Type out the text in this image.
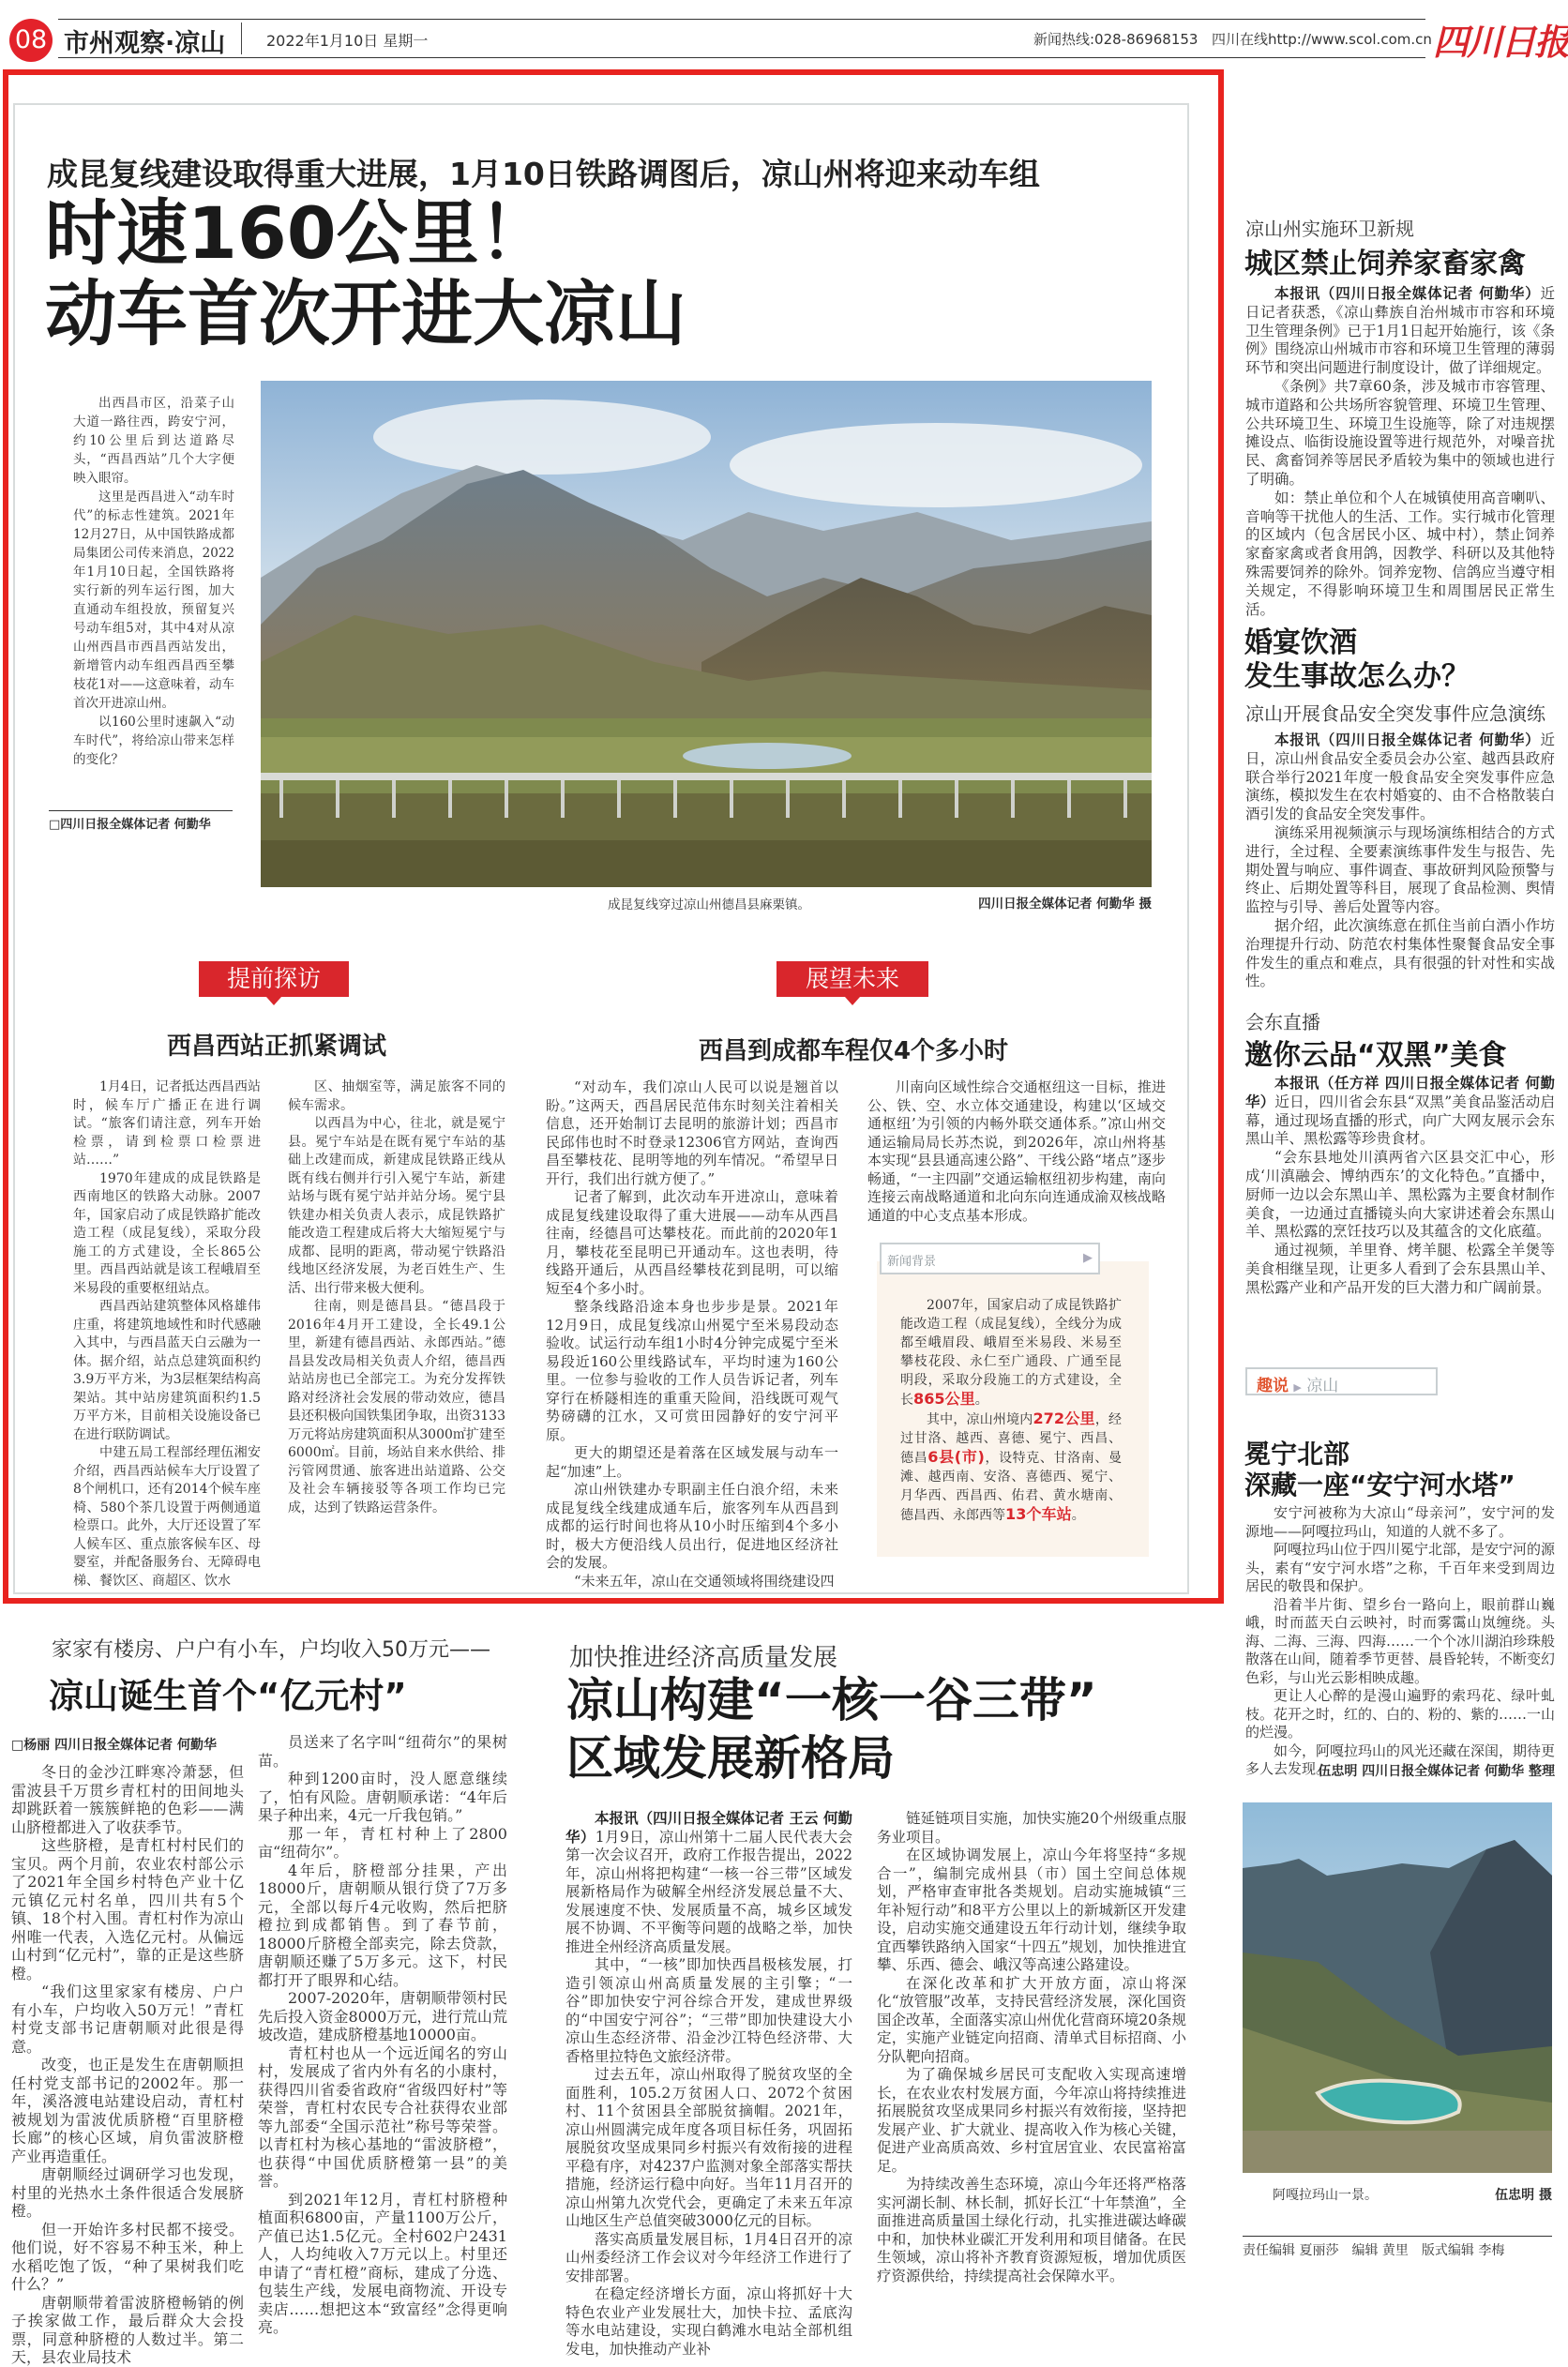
08 市州观察·凉山	2022年1月10日 星期一	新闻热线:028-86968153 四川在线http://www.scol.com.cn 四川日报
成昆复线建设取得重大进展，1月10日铁路调图后，凉山州将迎来动车组
时速160公里！
动车首次开进大凉山

出西昌市区，沿菜子山大道一路往西，跨安宁河，约10公里后到达道路尽头，“西昌西站”几个大字便映入眼帘。

这里是西昌进入“动车时代”的标志性建筑。2021年12月27日，从中国铁路成都局集团公司传来消息，2022年1月10日起，全国铁路将实行新的列车运行图，加大直通动车组投放，预留复兴号动车组5对，其中4对从凉山州西昌市西昌西站发出，新增管内动车组西昌西至攀枝花1对——这意味着，动车首次开进凉山州。

以160公里时速飙入“动车时代”，将给凉山带来怎样的变化？

□四川日报全媒体记者 何勤华
成昆复线穿过凉山州德昌县麻栗镇。	四川日报全媒体记者 何勤华 摄
提前探访
西昌西站正抓紧调试

1月4日，记者抵达西昌西站时，候车厅广播正在进行调试。“旅客们请注意，列车开始检票，请到检票口检票进站……”

1970年建成的成昆铁路是西南地区的铁路大动脉。2007年，国家启动了成昆铁路扩能改造工程（成昆复线），采取分段施工的方式建设，全长865公里。西昌西站就是该工程峨眉至米易段的重要枢纽站点。

西昌西站建筑整体风格雄伟庄重，将建筑地域性和时代感融入其中，与西昌蓝天白云融为一体。据介绍，站点总建筑面积约3.9万平方米，为3层框架结构高架站。其中站房建筑面积约1.5万平方米，目前相关设施设备已在进行联防调试。

中建五局工程部经理伍湘安介绍，西昌西站候车大厅设置了8个闸机口，还有2014个候车座椅、580个茶几设置于两侧通道检票口。此外，大厅还设置了军人候车区、重点旅客候车区、母婴室，并配备服务台、无障碍电梯、餐饮区、商超区、饮水

区、抽烟室等，满足旅客不同的候车需求。

以西昌为中心，往北，就是冕宁县。冕宁车站是在既有冕宁车站的基础上改建而成，新建成昆铁路正线从既有线右侧并行引入冕宁车站，新建站场与既有冕宁站并站分场。冕宁县铁建办相关负责人表示，成昆铁路扩能改造工程建成后将大大缩短冕宁与成都、昆明的距离，带动冕宁铁路沿线地区经济发展，为老百姓生产、生活、出行带来极大便利。

往南，则是德昌县。“德昌段于2016年4月开工建设，全长49.1公里，新建有德昌西站、永郎西站。”德昌县发改局相关负责人介绍，德昌西站站房也已全部完工。为充分发挥铁路对经济社会发展的带动效应，德昌县还积极向国铁集团争取，出资3133万元将站房建筑面积从3000㎡扩建至6000㎡。目前，场站自来水供给、排污管网贯通、旅客进出站道路、公交及社会车辆接驳等各项工作均已完成，达到了铁路运营条件。

展望未来
西昌到成都车程仅4个多小时

“对动车，我们凉山人民可以说是翘首以盼。”这两天，西昌居民范伟东时刻关注着相关信息，还开始制订去昆明的旅游计划；西昌市民邱伟也时不时登录12306官方网站，查询西昌至攀枝花、昆明等地的列车情况。“希望早日开行，我们出行就方便了。”

记者了解到，此次动车开进凉山，意味着成昆复线建设取得了重大进展——动车从西昌往南，经德昌可达攀枝花。而此前的2020年1月，攀枝花至昆明已开通动车。这也表明，待线路开通后，从西昌经攀枝花到昆明，可以缩短至4个多小时。

整条线路沿途本身也步步是景。2021年12月9日，成昆复线凉山州冕宁至米易段动态验收。试运行动车组1小时4分钟完成冕宁至米易段近160公里线路试车，平均时速为160公里。一位参与验收的工作人员告诉记者，列车穿行在桥隧相连的重重天险间，沿线既可观气势磅礴的江水，又可赏田园静好的安宁河平原。

更大的期望还是着落在区域发展与动车一起“加速”上。

凉山州铁建办专职副主任白浪介绍，未来成昆复线全线建成通车后，旅客列车从西昌到成都的运行时间也将从10小时压缩到4个多小时，极大方便沿线人员出行，促进地区经济社会的发展。

“未来五年，凉山在交通领域将围绕建设四

川南向区域性综合交通枢纽这一目标，推进公、铁、空、水立体交通建设，构建以‘区域交通枢纽’为引领的内畅外联交通体系。”凉山州交通运输局局长苏杰说，到2026年，凉山州将基本实现“县县通高速公路”、干线公路“堵点”逐步畅通，“一主四副”交通运输枢纽初步构建，南向连接云南战略通道和北向东向连通成渝双核战略通道的中心支点基本形成。

新闻背景	▶

2007年，国家启动了成昆铁路扩能改造工程（成昆复线），全线分为成都至峨眉段、峨眉至米易段、米易至攀枝花段、永仁至广通段、广通至昆明段，采取分段施工的方式建设，全长865公里。

其中，凉山州境内272公里，经过甘洛、越西、喜德、冕宁、西昌、德昌6县(市)，设特克、甘洛南、曼滩、越西南、安洛、喜德西、冕宁、月华西、西昌西、佑君、黄水塘南、德昌西、永郎西等13个车站。

凉山州实施环卫新规
城区禁止饲养家畜家禽

本报讯（四川日报全媒体记者 何勤华）近日记者获悉，《凉山彝族自治州城市市容和环境卫生管理条例》已于1月1日起开始施行，该《条例》围绕凉山州城市市容和环境卫生管理的薄弱环节和突出问题进行制度设计，做了详细规定。

《条例》共7章60条，涉及城市市容管理、城市道路和公共场所容貌管理、环境卫生管理、公共环境卫生、环境卫生设施等，除了对违规摆摊设点、临街设施设置等进行规范外，对噪音扰民、禽畜饲养等居民矛盾较为集中的领域也进行了明确。

如：禁止单位和个人在城镇使用高音喇叭、音响等干扰他人的生活、工作。实行城市化管理的区域内（包含居民小区、城中村），禁止饲养家畜家禽或者食用鸽，因教学、科研以及其他特殊需要饲养的除外。饲养宠物、信鸽应当遵守相关规定，不得影响环境卫生和周围居民正常生活。

婚宴饮酒
发生事故怎么办？
凉山开展食品安全突发事件应急演练

本报讯（四川日报全媒体记者 何勤华）近日，凉山州食品安全委员会办公室、越西县政府联合举行2021年度一般食品安全突发事件应急演练，模拟发生在农村婚宴的、由不合格散装白酒引发的食品安全突发事件。

演练采用视频演示与现场演练相结合的方式进行，全过程、全要素演练事件发生与报告、先期处置与响应、事件调查、事故研判风险预警与终止、后期处置等科目，展现了食品检测、舆情监控与引导、善后处置等内容。

据介绍，此次演练意在抓住当前白酒小作坊治理提升行动、防范农村集体性聚餐食品安全事件发生的重点和难点，具有很强的针对性和实战性。

会东直播
邀你云品“双黑”美食

本报讯（任方祥 四川日报全媒体记者 何勤华）近日，四川省会东县“双黑”美食品鉴活动启幕，通过现场直播的形式，向广大网友展示会东黑山羊、黑松露等珍贵食材。

“会东县地处川滇两省六区县交汇中心，形成‘川滇融会、博纳西东’的文化特色。”直播中，厨师一边以会东黑山羊、黑松露为主要食材制作美食，一边通过直播镜头向大家讲述着会东黑山羊、黑松露的烹饪技巧以及其蕴含的文化底蕴。

通过视频，羊里脊、烤羊腿、松露全羊煲等美食相继呈现，让更多人看到了会东县黑山羊、黑松露产业和产品开发的巨大潜力和广阔前景。

趣说 ▶ 凉山
冕宁北部
深藏一座“安宁河水塔”

安宁河被称为大凉山“母亲河”，安宁河的发源地——阿嘎拉玛山，知道的人就不多了。

阿嘎拉玛山位于四川冕宁北部，是安宁河的源头，素有“安宁河水塔”之称，千百年来受到周边居民的敬畏和保护。

沿着半片街、望乡台一路向上，眼前群山巍峨，时而蓝天白云映衬，时而雾霭山岚缠绕。头海、二海、三海、四海……一个个冰川湖泊珍珠般散落在山间，随着季节更替、晨昏轮转，不断变幻色彩，与山光云影相映成趣。

更让人心醉的是漫山遍野的索玛花、绿叶虬枝。花开之时，红的、白的、粉的、紫的……一山的烂漫。

如今，阿嘎拉玛山的风光还藏在深闺，期待更多人去发现。

伍忠明 四川日报全媒体记者 何勤华 整理
阿嘎拉玛山一景。	伍忠明 摄
责任编辑 夏丽莎　编辑 黄里　版式编辑 李梅
家家有楼房、户户有小车，户均收入50万元——
凉山诞生首个“亿元村”
□杨丽 四川日报全媒体记者 何勤华

冬日的金沙江畔寒冷萧瑟，但雷波县千万贯乡青杠村的田间地头却跳跃着一簇簇鲜艳的色彩——满山脐橙都进入了收获季节。

这些脐橙，是青杠村村民们的宝贝。两个月前，农业农村部公示了2021年全国乡村特色产业十亿元镇亿元村名单，四川共有5个镇、18个村入围。青杠村作为凉山州唯一代表，入选亿元村。从偏远山村到“亿元村”，靠的正是这些脐橙。

“我们这里家家有楼房、户户有小车，户均收入50万元！”青杠村党支部书记唐朝顺对此很是得意。

改变，也正是发生在唐朝顺担任村党支部书记的2002年。那一年，溪洛渡电站建设启动，青杠村被规划为雷波优质脐橙“百里脐橙长廊”的核心区域，肩负雷波脐橙产业再造重任。

唐朝顺经过调研学习也发现，村里的光热水土条件很适合发展脐橙。

但一开始许多村民都不接受。他们说，好不容易不种玉米，种上水稻吃饱了饭，“种了果树我们吃什么？”

唐朝顺带着雷波脐橙畅销的例子挨家做工作，最后群众大会投票，同意种脐橙的人数过半。第二天，县农业局技术

员送来了名字叫“纽荷尔”的果树苗。

种到1200亩时，没人愿意继续了，怕有风险。唐朝顺承诺：“4年后果子种出来，4元一斤我包销。”

那一年，青杠村种上了2800亩“纽荷尔”。

4年后，脐橙部分挂果，产出18000斤，唐朝顺从银行贷了7万多元，全部以每斤4元收购，然后把脐橙拉到成都销售。到了春节前，18000斤脐橙全部卖完，除去贷款，唐朝顺还赚了5万多元。这下，村民都打开了眼界和心结。

2007-2020年，唐朝顺带领村民先后投入资金8000万元，进行荒山荒坡改造，建成脐橙基地10000亩。

青杠村也从一个远近闻名的穷山村，发展成了省内外有名的小康村，获得四川省委省政府“省级四好村”等荣誉，青杠村农民专合社获得农业部等九部委“全国示范社”称号等荣誉。以青杠村为核心基地的“雷波脐橙”，也获得“中国优质脐橙第一县”的美誉。

到2021年12月，青杠村脐橙种植面积6800亩，产量1100万公斤，产值已达1.5亿元。全村602户2431人，人均纯收入7万元以上。村里还申请了“青杠橙”商标，建成了分选、包装生产线，发展电商物流、开设专卖店……想把这本“致富经”念得更响亮。

加快推进经济高质量发展
凉山构建“一核一谷三带”
区域发展新格局

本报讯（四川日报全媒体记者 王云 何勤华）1月9日，凉山州第十二届人民代表大会第一次会议召开，政府工作报告提出，2022年，凉山州将把构建“一核一谷三带”区域发展新格局作为破解全州经济发展总量不大、发展速度不快、发展质量不高，城乡区域发展不协调、不平衡等问题的战略之举，加快推进全州经济高质量发展。

其中，“一核”即加快西昌极核发展，打造引领凉山州高质量发展的主引擎；“一谷”即加快安宁河谷综合开发，建成世界级的“中国安宁河谷”；“三带”即加快建设大小凉山生态经济带、沿金沙江特色经济带、大香格里拉特色文旅经济带。

过去五年，凉山州取得了脱贫攻坚的全面胜利，105.2万贫困人口、2072个贫困村、11个贫困县全部脱贫摘帽。2021年，凉山州圆满完成年度各项目标任务，巩固拓展脱贫攻坚成果同乡村振兴有效衔接的进程平稳有序，对4237户监测对象全部落实帮扶措施，经济运行稳中向好。当年11月召开的凉山州第九次党代会，更确定了未来五年凉山地区生产总值突破3000亿元的目标。

落实高质量发展目标，1月4日召开的凉山州委经济工作会议对今年经济工作进行了安排部署。

在稳定经济增长方面，凉山将抓好十大特色农业产业发展壮大，加快卡拉、孟底沟等水电站建设，实现白鹤滩水电站全部机组发电，加快推动产业补

链延链项目实施，加快实施20个州级重点服务业项目。

在区域协调发展上，凉山今年将坚持“多规合一”，编制完成州县（市）国土空间总体规划，严格审查审批各类规划。启动实施城镇“三年补短行动”和8平方公里以上的新城新区开发建设，启动实施交通建设五年行动计划，继续争取宜西攀铁路纳入国家“十四五”规划，加快推进宜攀、乐西、德会、峨汉等高速公路建设。

在深化改革和扩大开放方面，凉山将深化“放管服”改革，支持民营经济发展，深化国资国企改革，全面落实凉山州优化营商环境20条规定，实施产业链定向招商、清单式目标招商、小分队靶向招商。

为了确保城乡居民可支配收入实现高速增长，在农业农村发展方面，今年凉山将持续推进拓展脱贫攻坚成果同乡村振兴有效衔接，坚持把发展产业、扩大就业、提高收入作为核心关键，促进产业高质高效、乡村宜居宜业、农民富裕富足。

为持续改善生态环境，凉山今年还将严格落实河湖长制、林长制，抓好长江“十年禁渔”，全面推进高质量国土绿化行动，扎实推进碳达峰碳中和，加快林业碳汇开发利用和项目储备。在民生领域，凉山将补齐教育资源短板，增加优质医疗资源供给，持续提高社会保障水平。
